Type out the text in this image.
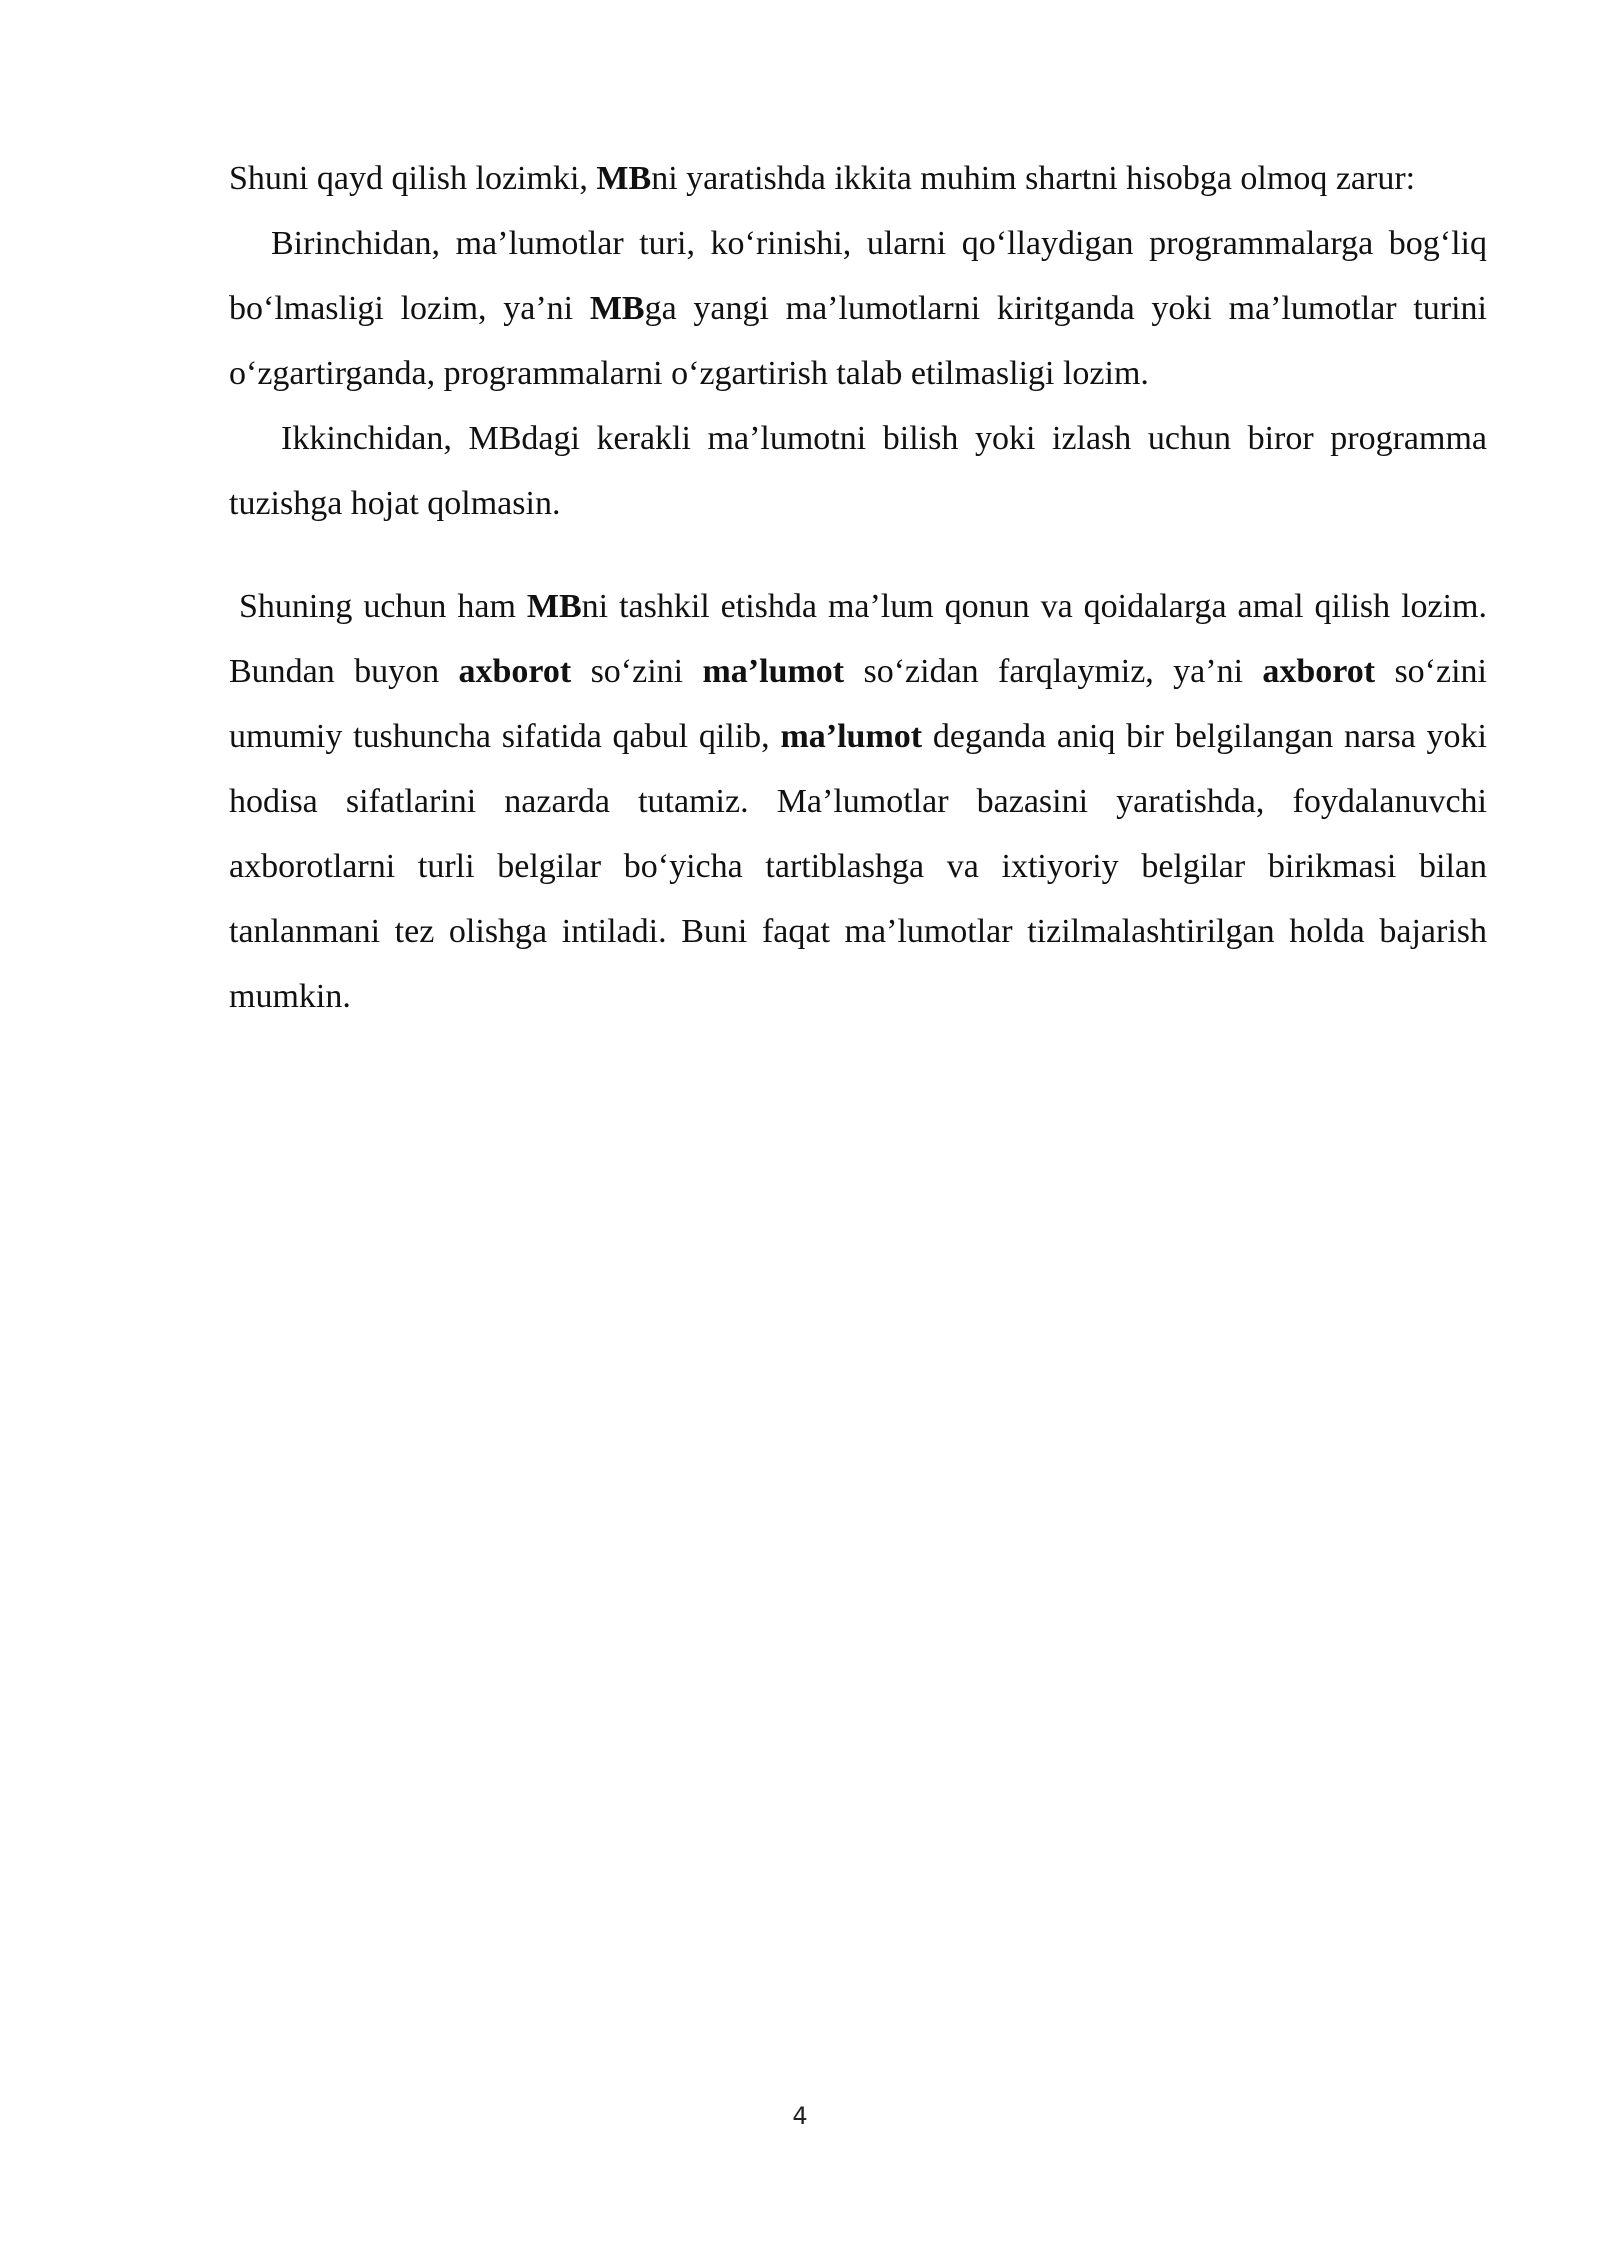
Shuni qayd qilish lozimki, MBni yaratishda ikkita muhim shartni hisobga olmoq zarur:

Birinchidan, ma’lumotlar turi, ko‘rinishi, ularni qo‘llaydigan programmalarga bog‘liq bo‘lmasligi lozim, ya’ni MBga yangi ma’lumotlarni kiritganda yoki ma’lumotlar turini o‘zgartirganda, programmalarni o‘zgartirish talab etilmasligi lozim.

Ikkinchidan, MBdagi kerakli ma’lumotni bilish yoki izlash uchun biror programma tuzishga hojat qolmasin.

Shuning uchun ham MBni tashkil etishda ma’lum qonun va qoidalarga amal qilish lozim. Bundan buyon axborot so‘zini ma’lumot so‘zidan farqlaymiz, ya’ni axborot so‘zini umumiy tushuncha sifatida qabul qilib, ma’lumot deganda aniq bir belgilangan narsa yoki hodisa sifatlarini nazarda tutamiz. Ma’lumotlar bazasini yaratishda, foydalanuvchi axborotlarni turli belgilar bo‘yicha tartiblashga va ixtiyoriy belgilar birikmasi bilan tanlanmani tez olishga intiladi. Buni faqat ma’lumotlar tizilmalashtirilgan holda bajarish mumkin.

4
